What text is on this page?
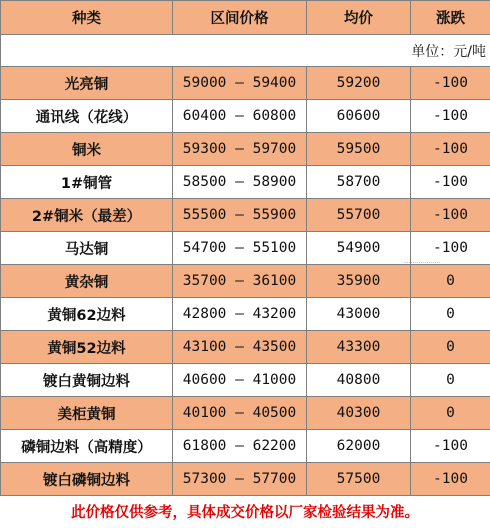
种类	区间价格	均价	涨跌
单位：元/吨			
光亮铜	59000 — 59400	59200	-100
通讯线（花线）	60400 — 60800	60600	-100
铜米	59300 — 59700	59500	-100
1#铜管	58500 — 58900	58700	-100
2#铜米（最差）	55500 — 55900	55700	-100
马达铜	54700 — 55100	54900	-100
黄杂铜	35700 — 36100	35900	0
黄铜62边料	42800 — 43200	43000	0
黄铜52边料	43100 — 43500	43300	0
镀白黄铜边料	40600 — 41000	40800	0
美柜黄铜	40100 — 40500	40300	0
磷铜边料（高精度）	61800 — 62200	62000	-100
镀白磷铜边料	57300 — 57700	57500	-100
此价格仅供参考，具体成交价格以厂家检验结果为准。
